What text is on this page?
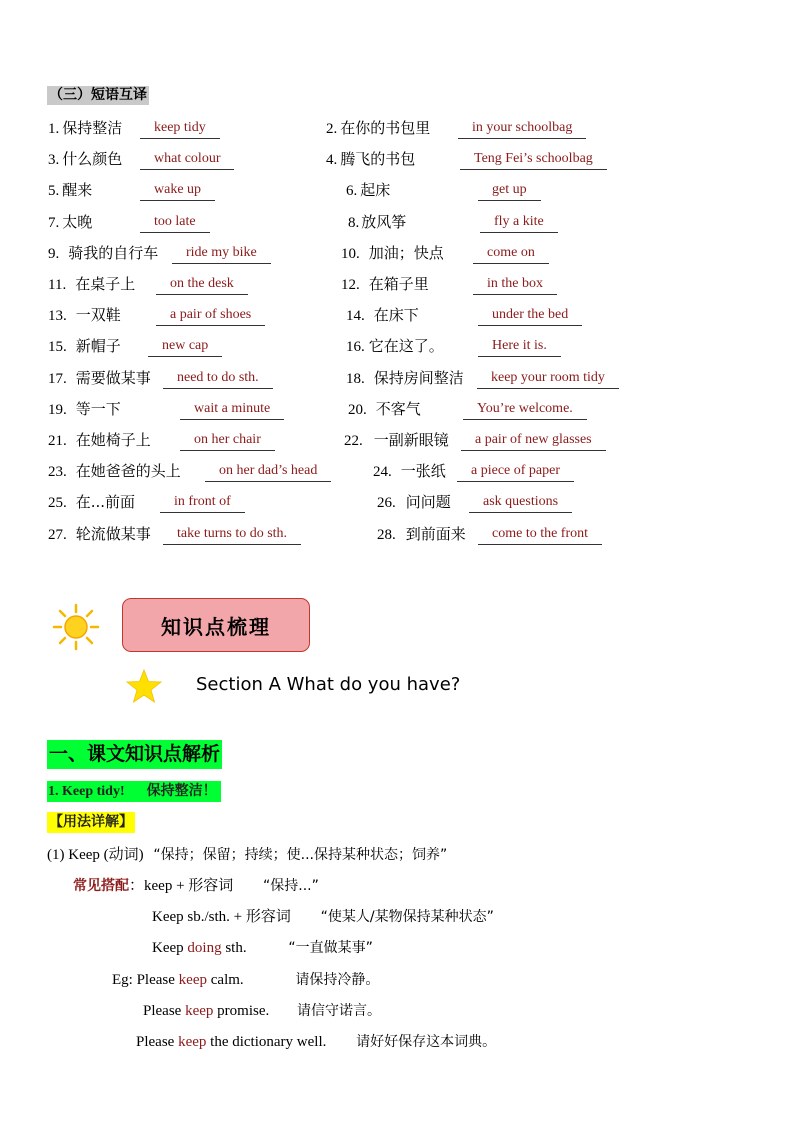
（三）短语互译
1. 保持整洁	keep tidy	2. 在你的书包里	in your schoolbag
3. 什么颜色	what colour	4. 腾飞的书包	Teng Fei’s schoolbag
5. 醒来	wake up	6. 起床	get up
7. 太晚	too late	8. 放风筝	fly a kite
9. 骑我的自行车	ride my bike	10. 加油；快点	come on
11. 在桌子上	on the desk	12. 在箱子里	in the box
13. 一双鞋	a pair of shoes	14. 在床下	under the bed
15. 新帽子	new cap	16. 它在这了。	Here it is.
17. 需要做某事	need to do sth.	18. 保持房间整洁	keep your room tidy
19. 等一下	wait a minute	20. 不客气	You’re welcome.
21. 在她椅子上	on her chair	22. 一副新眼镜	a pair of new glasses
23. 在她爸爸的头上	on her dad’s head	24. 一张纸	a piece of paper
25. 在...前面	in front of	26. 问问题	ask questions
27. 轮流做某事	take turns to do sth.	28. 到前面来	come to the front
知识点梳理
Section A What do you have?
一、课文知识点解析
1. Keep tidy! 保持整洁！
【用法详解】
(1) Keep (动词) “保持；保留；持续；使...保持某种状态；饲养”
常见搭配：keep + 形容词 “保持...”
Keep sb./sth. + 形容词 “使某人/某物保持某种状态”
Keep doing sth.	“一直做某事”
Eg: Please keep calm.	请保持冷静。
Please keep promise. 请信守诺言。
Please keep the dictionary well. 请好好保存这本词典。
